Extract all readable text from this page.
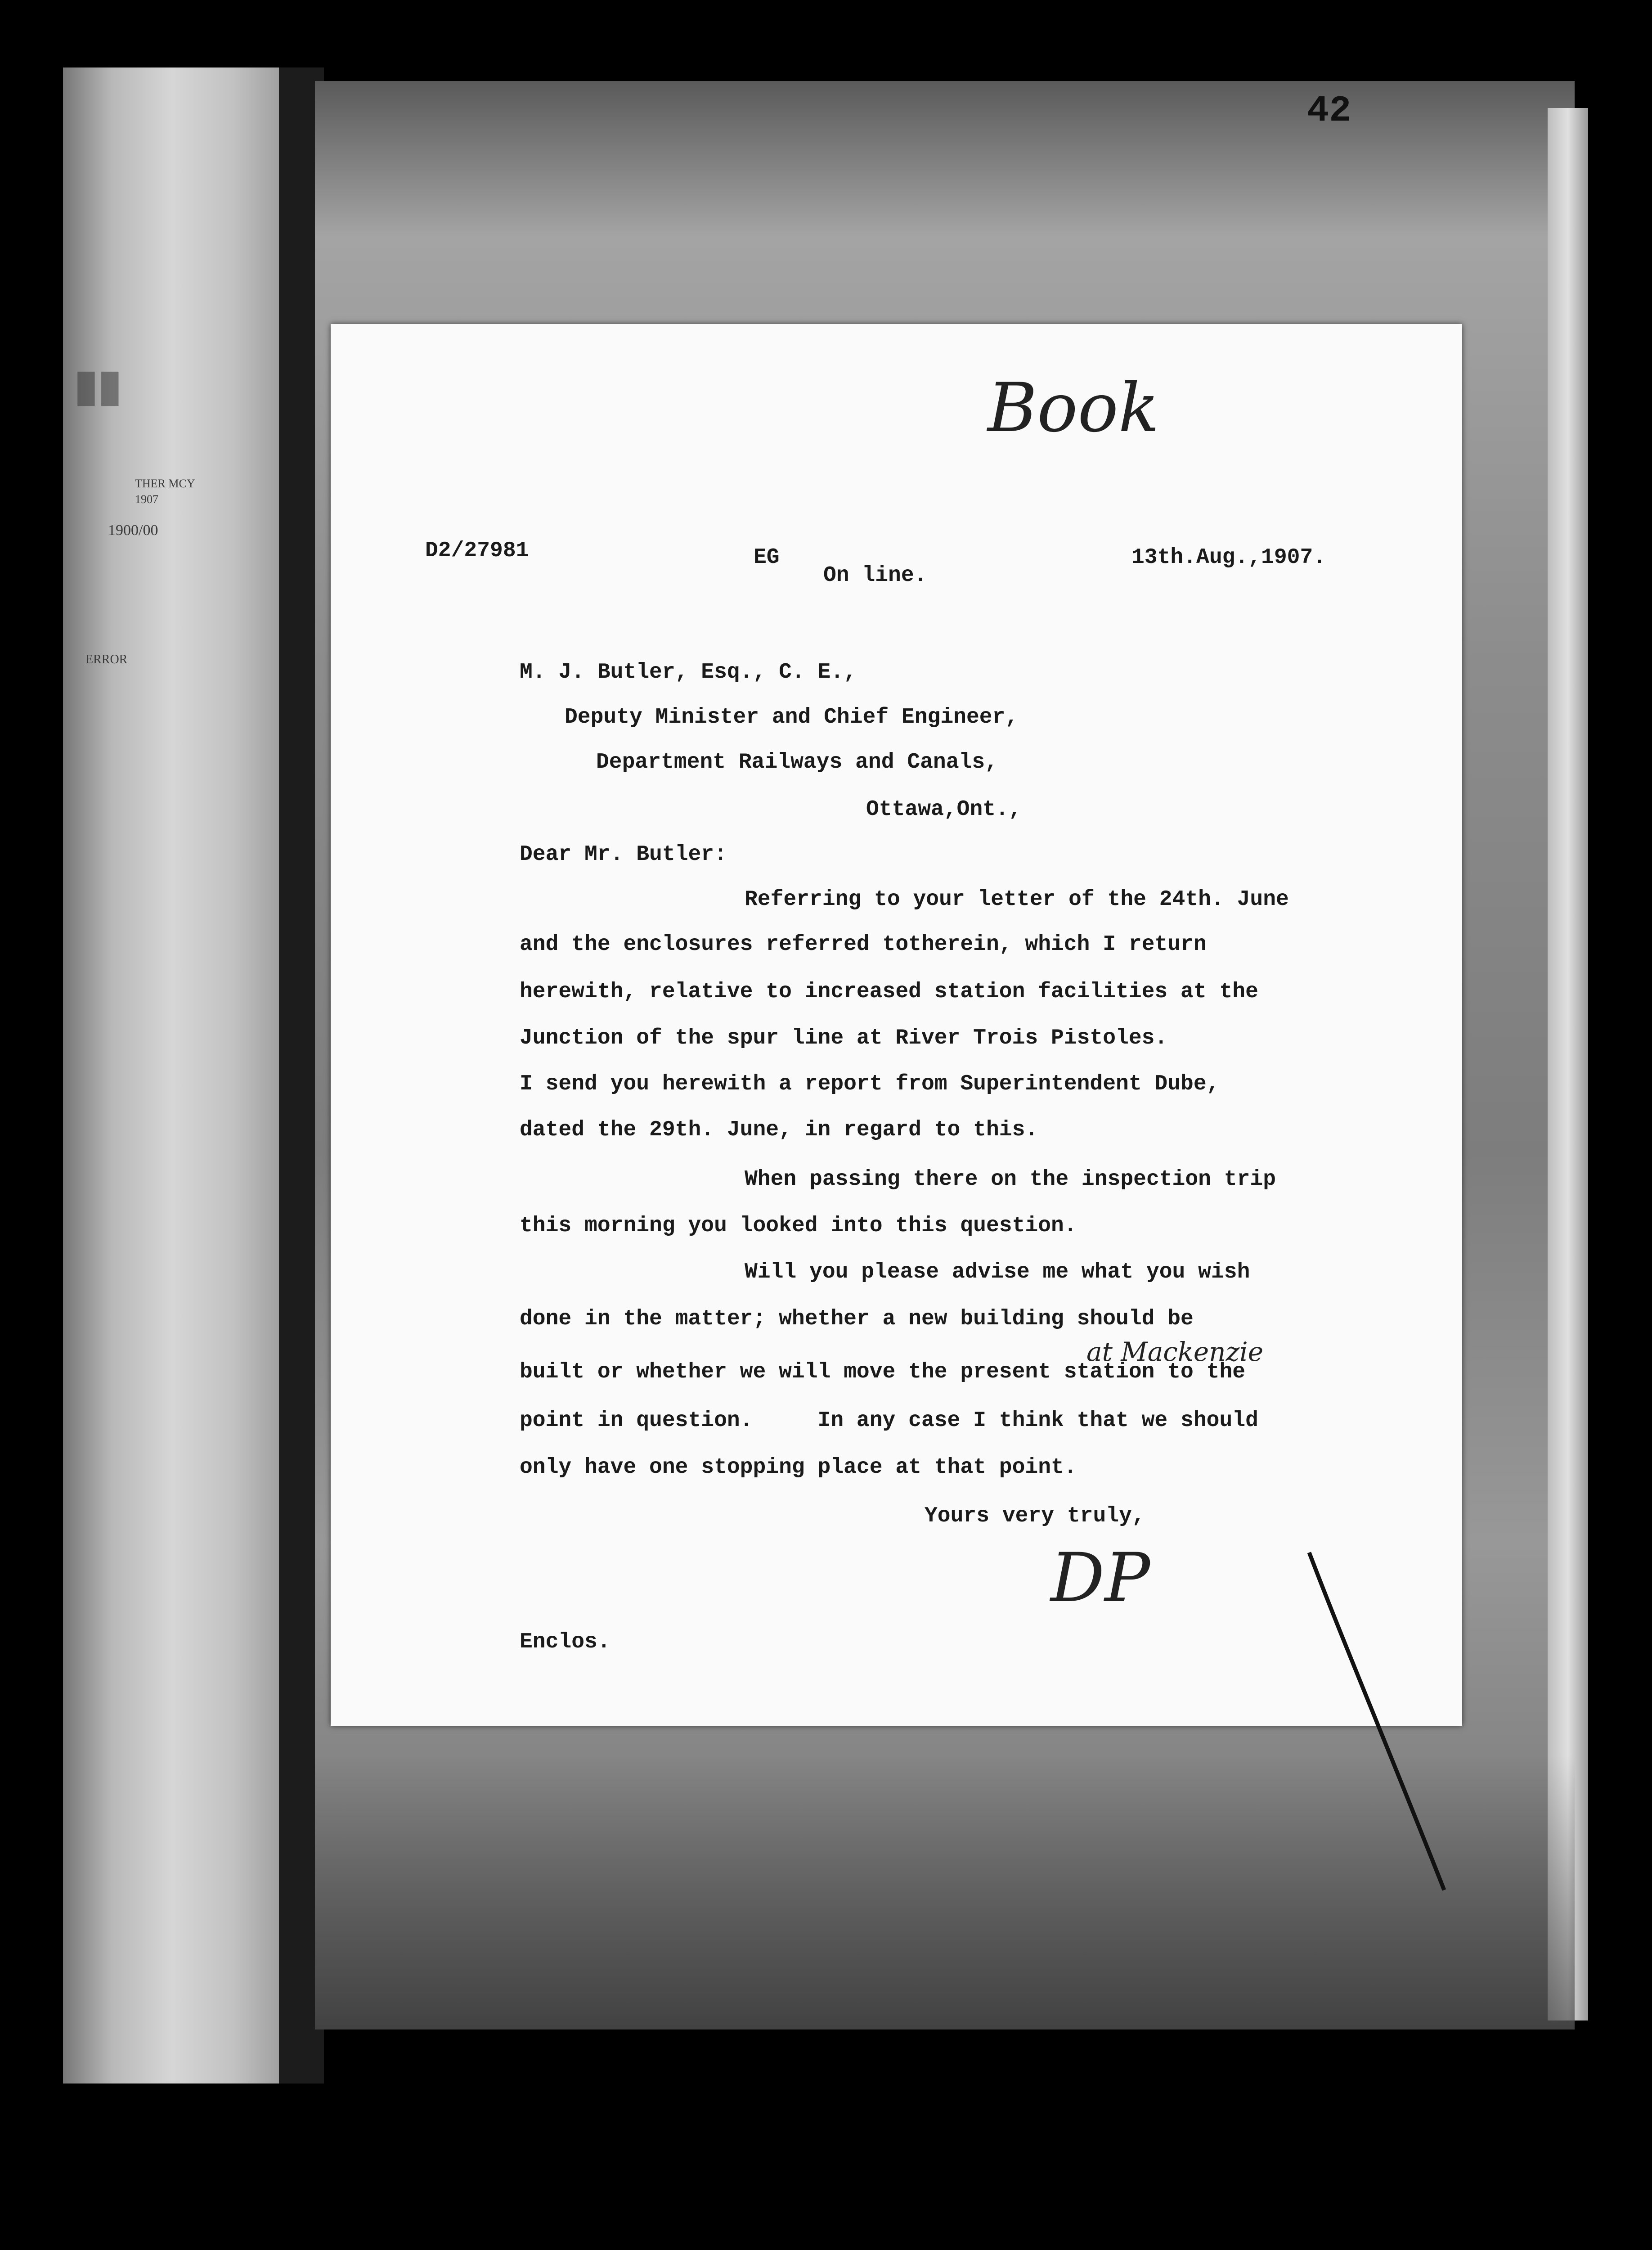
▮▮
THER MCY
1907
1900/00
ERROR
42
Book
D2/27981	EG
On line.
13th.Aug.,1907.
M. J. Butler, Esq., C. E.,
Deputy Minister and Chief Engineer,
Department Railways and Canals,
Ottawa,Ont.,
Dear Mr. Butler:
Referring to your letter of the 24th. June
and the enclosures referred totherein, which I return
herewith, relative to increased station facilities at the
Junction of the spur line at River Trois Pistoles.
I send you herewith a report from Superintendent Dube,
dated the 29th. June, in regard to this.
When passing there on the inspection trip
this morning you looked into this question.
Will you please advise me what you wish
done in the matter; whether a new building should be
at Mackenzie
built or whether we will move the present station to the
point in question.     In any case I think that we should
only have one stopping place at that point.
Yours very truly,
DP
Enclos.
